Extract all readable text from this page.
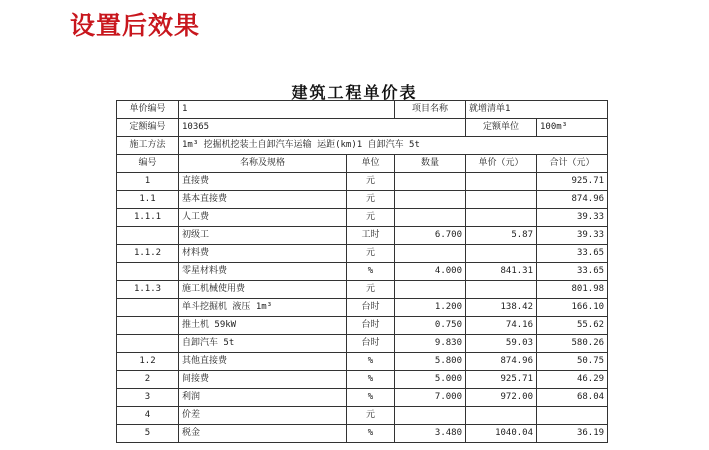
设置后效果
建筑工程单价表
单价编号	1		项目名称	就增清单1	
定额编号	10365			定额单位	100m³
施工方法	1m³ 挖掘机挖装土自卸汽车运输 运距(km)1 自卸汽车 5t				
编号	名称及规格	单位	数量	单价（元）	合计（元）
1	直接费	元			925.71
1.1	基本直接费	元			874.96
1.1.1	人工费	元			39.33
	初级工	工时	6.700	5.87	39.33
1.1.2	材料费	元			33.65
	零星材料费	%	4.000	841.31	33.65
1.1.3	施工机械使用费	元			801.98
	单斗挖掘机 液压 1m³	台时	1.200	138.42	166.10
	推土机 59kW	台时	0.750	74.16	55.62
	自卸汽车 5t	台时	9.830	59.03	580.26
1.2	其他直接费	%	5.800	874.96	50.75
2	间接费	%	5.000	925.71	46.29
3	利润	%	7.000	972.00	68.04
4	价差	元			
5	税金	%	3.480	1040.04	36.19
